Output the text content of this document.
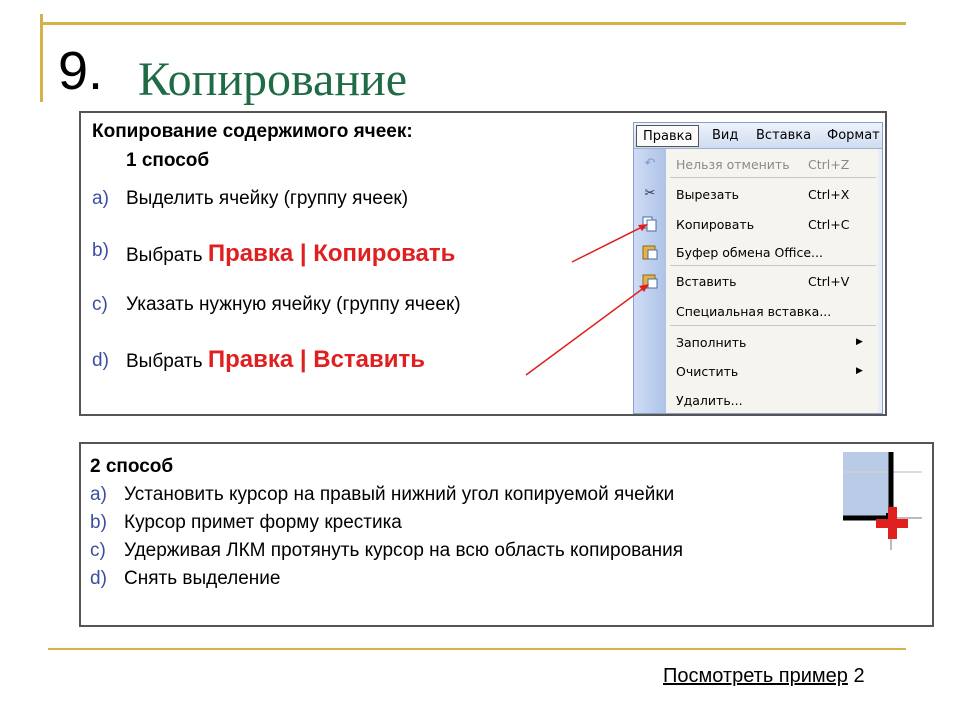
9. Копирование
Копирование содержимого ячеек:
1 способ
a) Выделить ячейку (группу ячеек)
b) Выбрать Правка | Копировать
c) Указать нужную ячейку (группу ячеек)
d) Выбрать Правка | Вставить
Правка	Вид Вставка Формат
↶ Нельзя отменить Ctrl+Z
✂ Вырезать	Ctrl+X
Копировать	Ctrl+C
Буфер обмена Office...
Вставить	Ctrl+V
Специальная вставка...
Заполнить	▶
Очистить	▶
Удалить...
2 способ
a) Установить курсор на правый нижний угол копируемой ячейки
b) Курсор примет форму крестика
c) Удерживая ЛКМ протянуть курсор на всю область копирования
d) Снять выделение
Посмотреть пример 2
